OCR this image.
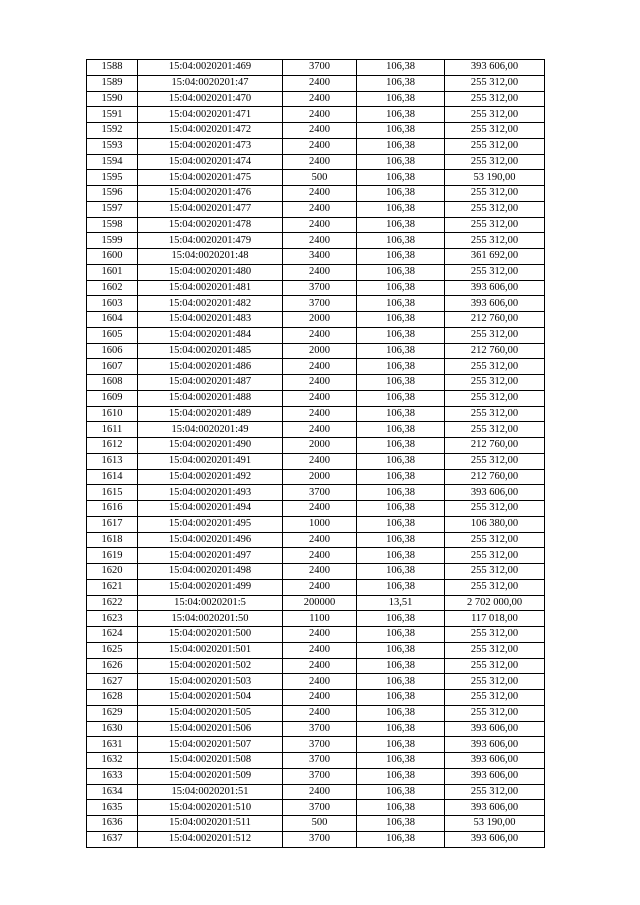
1588	15:04:0020201:469	3700	106,38	393 606,00
1589	15:04:0020201:47	2400	106,38	255 312,00
1590	15:04:0020201:470	2400	106,38	255 312,00
1591	15:04:0020201:471	2400	106,38	255 312,00
1592	15:04:0020201:472	2400	106,38	255 312,00
1593	15:04:0020201:473	2400	106,38	255 312,00
1594	15:04:0020201:474	2400	106,38	255 312,00
1595	15:04:0020201:475	500	106,38	53 190,00
1596	15:04:0020201:476	2400	106,38	255 312,00
1597	15:04:0020201:477	2400	106,38	255 312,00
1598	15:04:0020201:478	2400	106,38	255 312,00
1599	15:04:0020201:479	2400	106,38	255 312,00
1600	15:04:0020201:48	3400	106,38	361 692,00
1601	15:04:0020201:480	2400	106,38	255 312,00
1602	15:04:0020201:481	3700	106,38	393 606,00
1603	15:04:0020201:482	3700	106,38	393 606,00
1604	15:04:0020201:483	2000	106,38	212 760,00
1605	15:04:0020201:484	2400	106,38	255 312,00
1606	15:04:0020201:485	2000	106,38	212 760,00
1607	15:04:0020201:486	2400	106,38	255 312,00
1608	15:04:0020201:487	2400	106,38	255 312,00
1609	15:04:0020201:488	2400	106,38	255 312,00
1610	15:04:0020201:489	2400	106,38	255 312,00
1611	15:04:0020201:49	2400	106,38	255 312,00
1612	15:04:0020201:490	2000	106,38	212 760,00
1613	15:04:0020201:491	2400	106,38	255 312,00
1614	15:04:0020201:492	2000	106,38	212 760,00
1615	15:04:0020201:493	3700	106,38	393 606,00
1616	15:04:0020201:494	2400	106,38	255 312,00
1617	15:04:0020201:495	1000	106,38	106 380,00
1618	15:04:0020201:496	2400	106,38	255 312,00
1619	15:04:0020201:497	2400	106,38	255 312,00
1620	15:04:0020201:498	2400	106,38	255 312,00
1621	15:04:0020201:499	2400	106,38	255 312,00
1622	15:04:0020201:5	200000	13,51	2 702 000,00
1623	15:04:0020201:50	1100	106,38	117 018,00
1624	15:04:0020201:500	2400	106,38	255 312,00
1625	15:04:0020201:501	2400	106,38	255 312,00
1626	15:04:0020201:502	2400	106,38	255 312,00
1627	15:04:0020201:503	2400	106,38	255 312,00
1628	15:04:0020201:504	2400	106,38	255 312,00
1629	15:04:0020201:505	2400	106,38	255 312,00
1630	15:04:0020201:506	3700	106,38	393 606,00
1631	15:04:0020201:507	3700	106,38	393 606,00
1632	15:04:0020201:508	3700	106,38	393 606,00
1633	15:04:0020201:509	3700	106,38	393 606,00
1634	15:04:0020201:51	2400	106,38	255 312,00
1635	15:04:0020201:510	3700	106,38	393 606,00
1636	15:04:0020201:511	500	106,38	53 190,00
1637	15:04:0020201:512	3700	106,38	393 606,00
